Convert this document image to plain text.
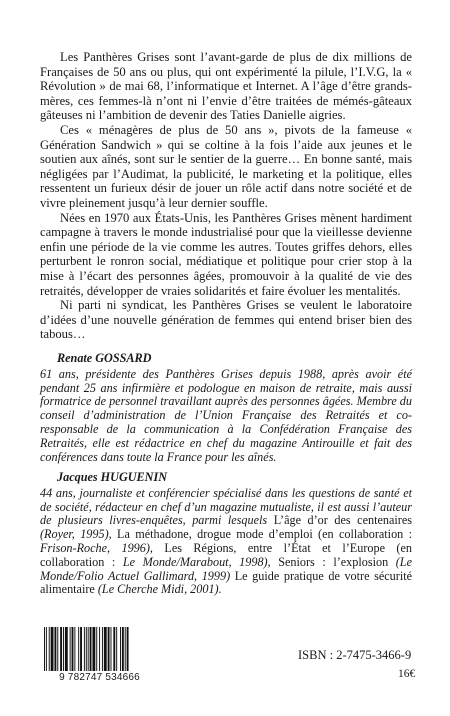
Les Panthères Grises sont l’avant-garde de plus de dix millions de Françaises de 50 ans ou plus, qui ont expérimenté la pilule, l’I.V.G, la « Révolution » de mai 68, l’informatique et Internet. A l’âge d’être grands-mères, ces femmes-là n’ont ni l’envie d’être traitées de mémés-gâteaux gâteuses ni l’ambition de devenir des Taties Danielle aigries.

Ces « ménagères de plus de 50 ans », pivots de la fameuse « Génération Sandwich » qui se coltine à la fois l’aide aux jeunes et le soutien aux aînés, sont sur le sentier de la guerre… En bonne santé, mais négligées par l’Audimat, la publicité, le marketing et la politique, elles ressentent un furieux désir de jouer un rôle actif dans notre société et de vivre pleinement jusqu’à leur dernier souffle.

Nées en 1970 aux États-Unis, les Panthères Grises mènent hardiment campagne à travers le monde industrialisé pour que la vieillesse devienne enfin une période de la vie comme les autres. Toutes griffes dehors, elles perturbent le ronron social, médiatique et politique pour crier stop à la mise à l’écart des personnes âgées, promouvoir à la qualité de vie des retraités, développer de vraies solidarités et faire évoluer les mentalités.

Ni parti ni syndicat, les Panthères Grises se veulent le laboratoire d’idées d’une nouvelle génération de femmes qui entend briser bien des tabous…

Renate GOSSARD

61 ans, présidente des Panthères Grises depuis 1988, après avoir été pendant 25 ans infirmière et podologue en maison de retraite, mais aussi formatrice de personnel travaillant auprès des personnes âgées. Membre du conseil d’administration de l’Union Française des Retraités et co-responsable de la communication à la Confédération Française des Retraités, elle est rédactrice en chef du magazine Antirouille et fait des conférences dans toute la France pour les aînés.

Jacques HUGUENIN

44 ans, journaliste et conférencier spécialisé dans les questions de santé et de société, rédacteur en chef d’un magazine mutualiste, il est aussi l’auteur de plusieurs livres-enquêtes, parmi lesquels L’âge d’or des centenaires (Royer, 1995), La méthadone, drogue mode d’emploi (en collaboration : Frison-Roche, 1996), Les Régions, entre l’État et l’Europe (en collaboration : Le Monde/Marabout, 1998), Seniors : l’explosion (Le Monde/Folio Actuel Gallimard, 1999) Le guide pratique de votre sécurité alimentaire (Le Cherche Midi, 2001).

9 782747 534666
ISBN : 2-7475-3466-9
16€
